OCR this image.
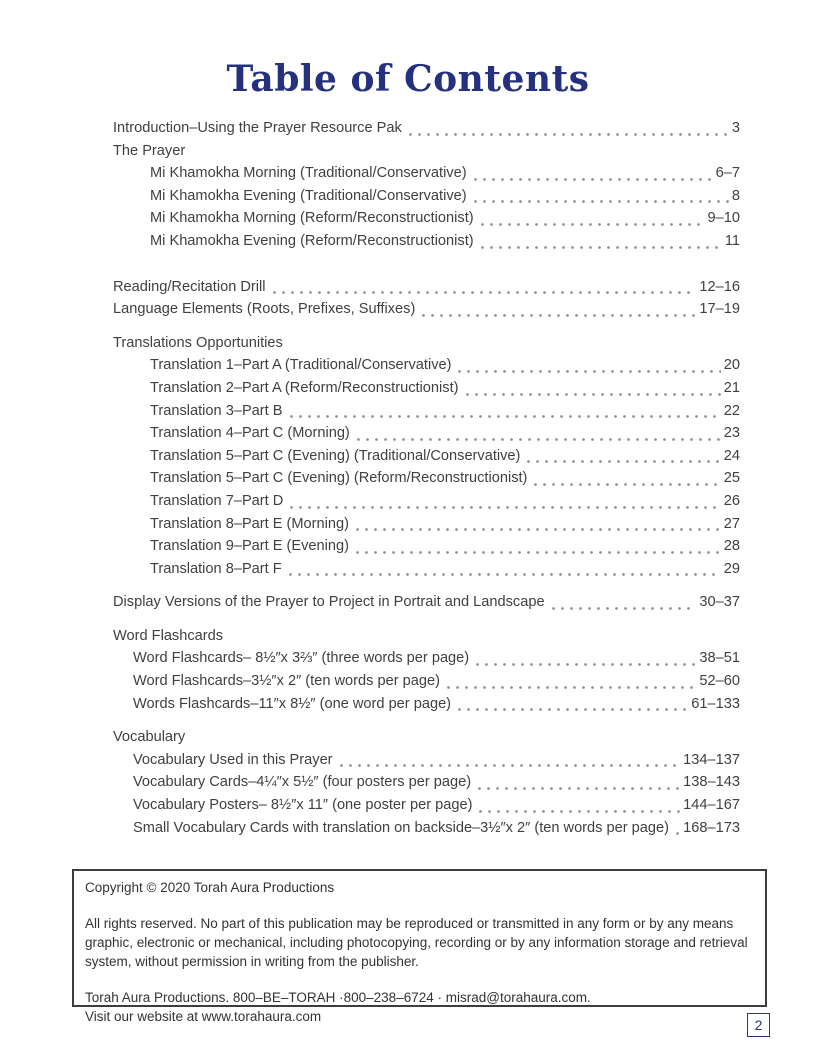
Table of Contents
Introduction–Using the Prayer Resource Pak	3
The Prayer
Mi Khamokha Morning (Traditional/Conservative)	6–7
Mi Khamokha Evening (Traditional/Conservative)	8
Mi Khamokha Morning (Reform/Reconstructionist)	9–10
Mi Khamokha Evening (Reform/Reconstructionist)	11
Reading/Recitation Drill	12–16
Language Elements (Roots, Prefixes, Suffixes)	17–19
Translations Opportunities
Translation 1–Part A (Traditional/Conservative)	20
Translation 2–Part A (Reform/Reconstructionist)	21
Translation 3–Part B	22
Translation 4–Part C (Morning)	23
Translation 5–Part C (Evening) (Traditional/Conservative)	24
Translation 5–Part C (Evening) (Reform/Reconstructionist)	25
Translation 7–Part D	26
Translation 8–Part E (Morning)	27
Translation 9–Part E (Evening)	28
Translation 8–Part F	29
Display Versions of the Prayer to Project in Portrait and Landscape	30–37
Word Flashcards
Word Flashcards– 8½″x 3⅔″ (three words per page)	38–51
Word Flashcards–3½″x 2″ (ten words per page)	52–60
Words Flashcards–11″x 8½″ (one word per page)	61–133
Vocabulary
Vocabulary Used in this Prayer	134–137
Vocabulary Cards–4¼″x 5½″ (four posters per page)	138–143
Vocabulary Posters– 8½″x 11″ (one poster per page)	144–167
Small Vocabulary Cards with translation on backside–3½″x 2″ (ten words per page) 168–173

Copyright © 2020 Torah Aura Productions

All rights reserved. No part of this publication may be reproduced or transmitted in any form or by any means graphic, electronic or mechanical, including photocopying, recording or by any information storage and retrieval system, without permission in writing from the publisher.

Torah Aura Productions. 800–BE–TORAH ·800–238–6724 · misrad@torahaura.com.

Visit our website at www.torahaura.com

2
